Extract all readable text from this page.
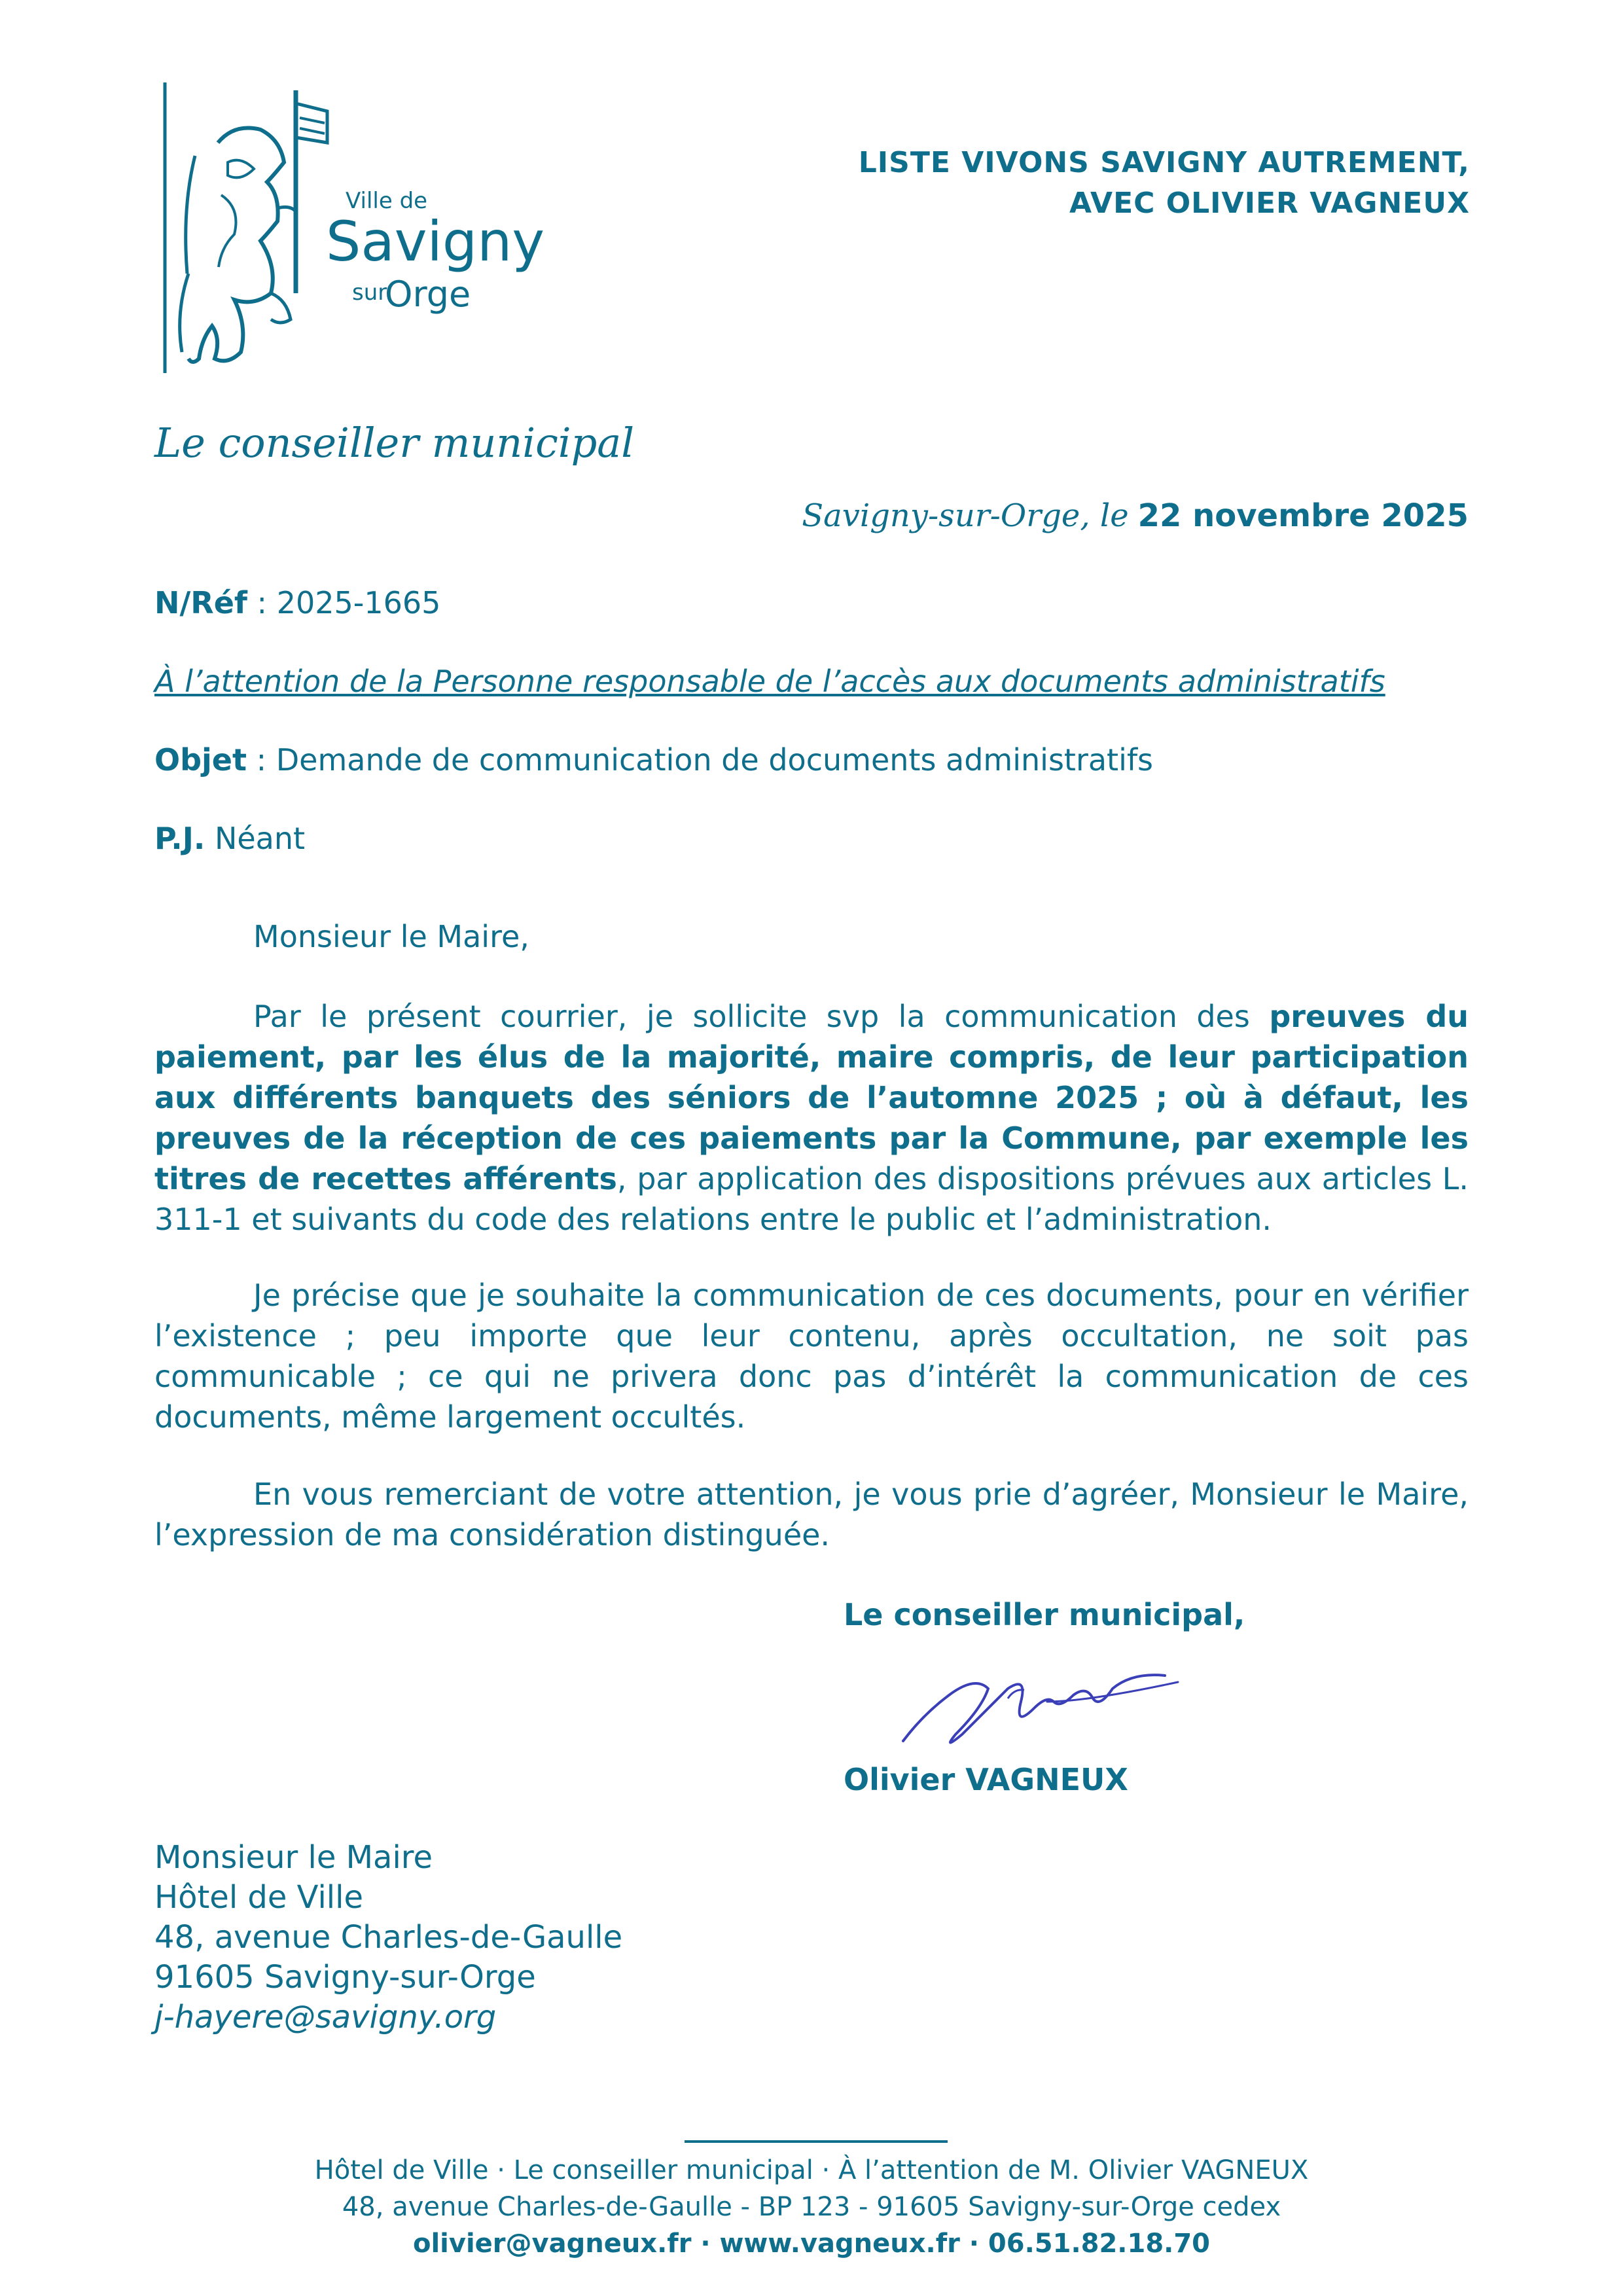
Ville de
Savigny
sur
Orge
LISTE VIVONS SAVIGNY AUTREMENT,
AVEC OLIVIER VAGNEUX
Le conseiller municipal
Savigny-sur-Orge, le 22 novembre 2025
N/Réf : 2025-1665
À l’attention de la Personne responsable de l’accès aux documents administratifs
Objet : Demande de communication de documents administratifs
P.J. Néant
Monsieur le Maire,
Par le présent courrier, je sollicite svp la communication des preuves du paiement, par les élus de la majorité, maire compris, de leur participation aux différents banquets des séniors de l’automne 2025 ; où à défaut, les preuves de la réception de ces paiements par la Commune, par exemple les titres de recettes afférents, par application des dispositions prévues aux articles L. 311-1 et suivants du code des relations entre le public et l’administration.
Je précise que je souhaite la communication de ces documents, pour en vérifier l’existence ; peu importe que leur contenu, après occultation, ne soit pas communicable ; ce qui ne privera donc pas d’intérêt la communication de ces documents, même largement occultés.
En vous remerciant de votre attention, je vous prie d’agréer, Monsieur le Maire, l’expression de ma considération distinguée.
Le conseiller municipal,
Olivier VAGNEUX
Monsieur le Maire
Hôtel de Ville
48, avenue Charles-de-Gaulle
91605 Savigny-sur-Orge
j-hayere@savigny.org
Hôtel de Ville · Le conseiller municipal · À l’attention de M. Olivier VAGNEUX
48, avenue Charles-de-Gaulle - BP 123 - 91605 Savigny-sur-Orge cedex
olivier@vagneux.fr · www.vagneux.fr · 06.51.82.18.70
